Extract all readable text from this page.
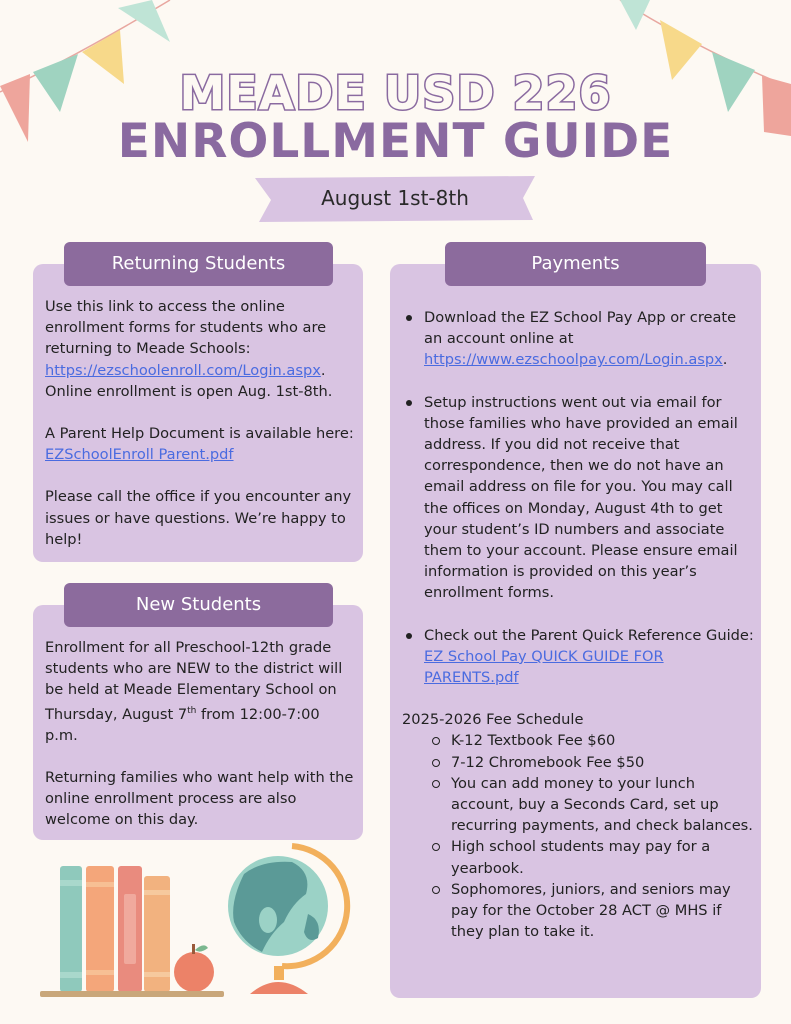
MEADE USD 226
ENROLLMENT GUIDE
August 1st-8th
Returning Students

Use this link to access the online enrollment forms for students who are returning to Meade Schools: https://ezschoolenroll.com/Login.aspx. Online enrollment is open Aug. 1st-8th.

A Parent Help Document is available here: EZSchoolEnroll Parent.pdf

Please call the office if you encounter any issues or have questions. We’re happy to help!

New Students

Enrollment for all Preschool-12th grade students who are NEW to the district will be held at Meade Elementary School on Thursday, August 7th from 12:00-7:00 p.m.

Returning families who want help with the online enrollment process are also welcome on this day.

Payments
Download the EZ School Pay App or create an account online at https://www.ezschoolpay.com/Login.aspx.
Setup instructions went out via email for those families who have provided an email address. If you did not receive that correspondence, then we do not have an email address on file for you. You may call the offices on Monday, August 4th to get your student’s ID numbers and associate them to your account. Please ensure email information is provided on this year’s enrollment forms.
Check out the Parent Quick Reference Guide: EZ School Pay QUICK GUIDE FOR PARENTS.pdf
2025-2026 Fee Schedule
K-12 Textbook Fee $60
7-12 Chromebook Fee $50
You can add money to your lunch account, buy a Seconds Card, set up recurring payments, and check balances.
High school students may pay for a yearbook.
Sophomores, juniors, and seniors may pay for the October 28 ACT @ MHS if they plan to take it.
